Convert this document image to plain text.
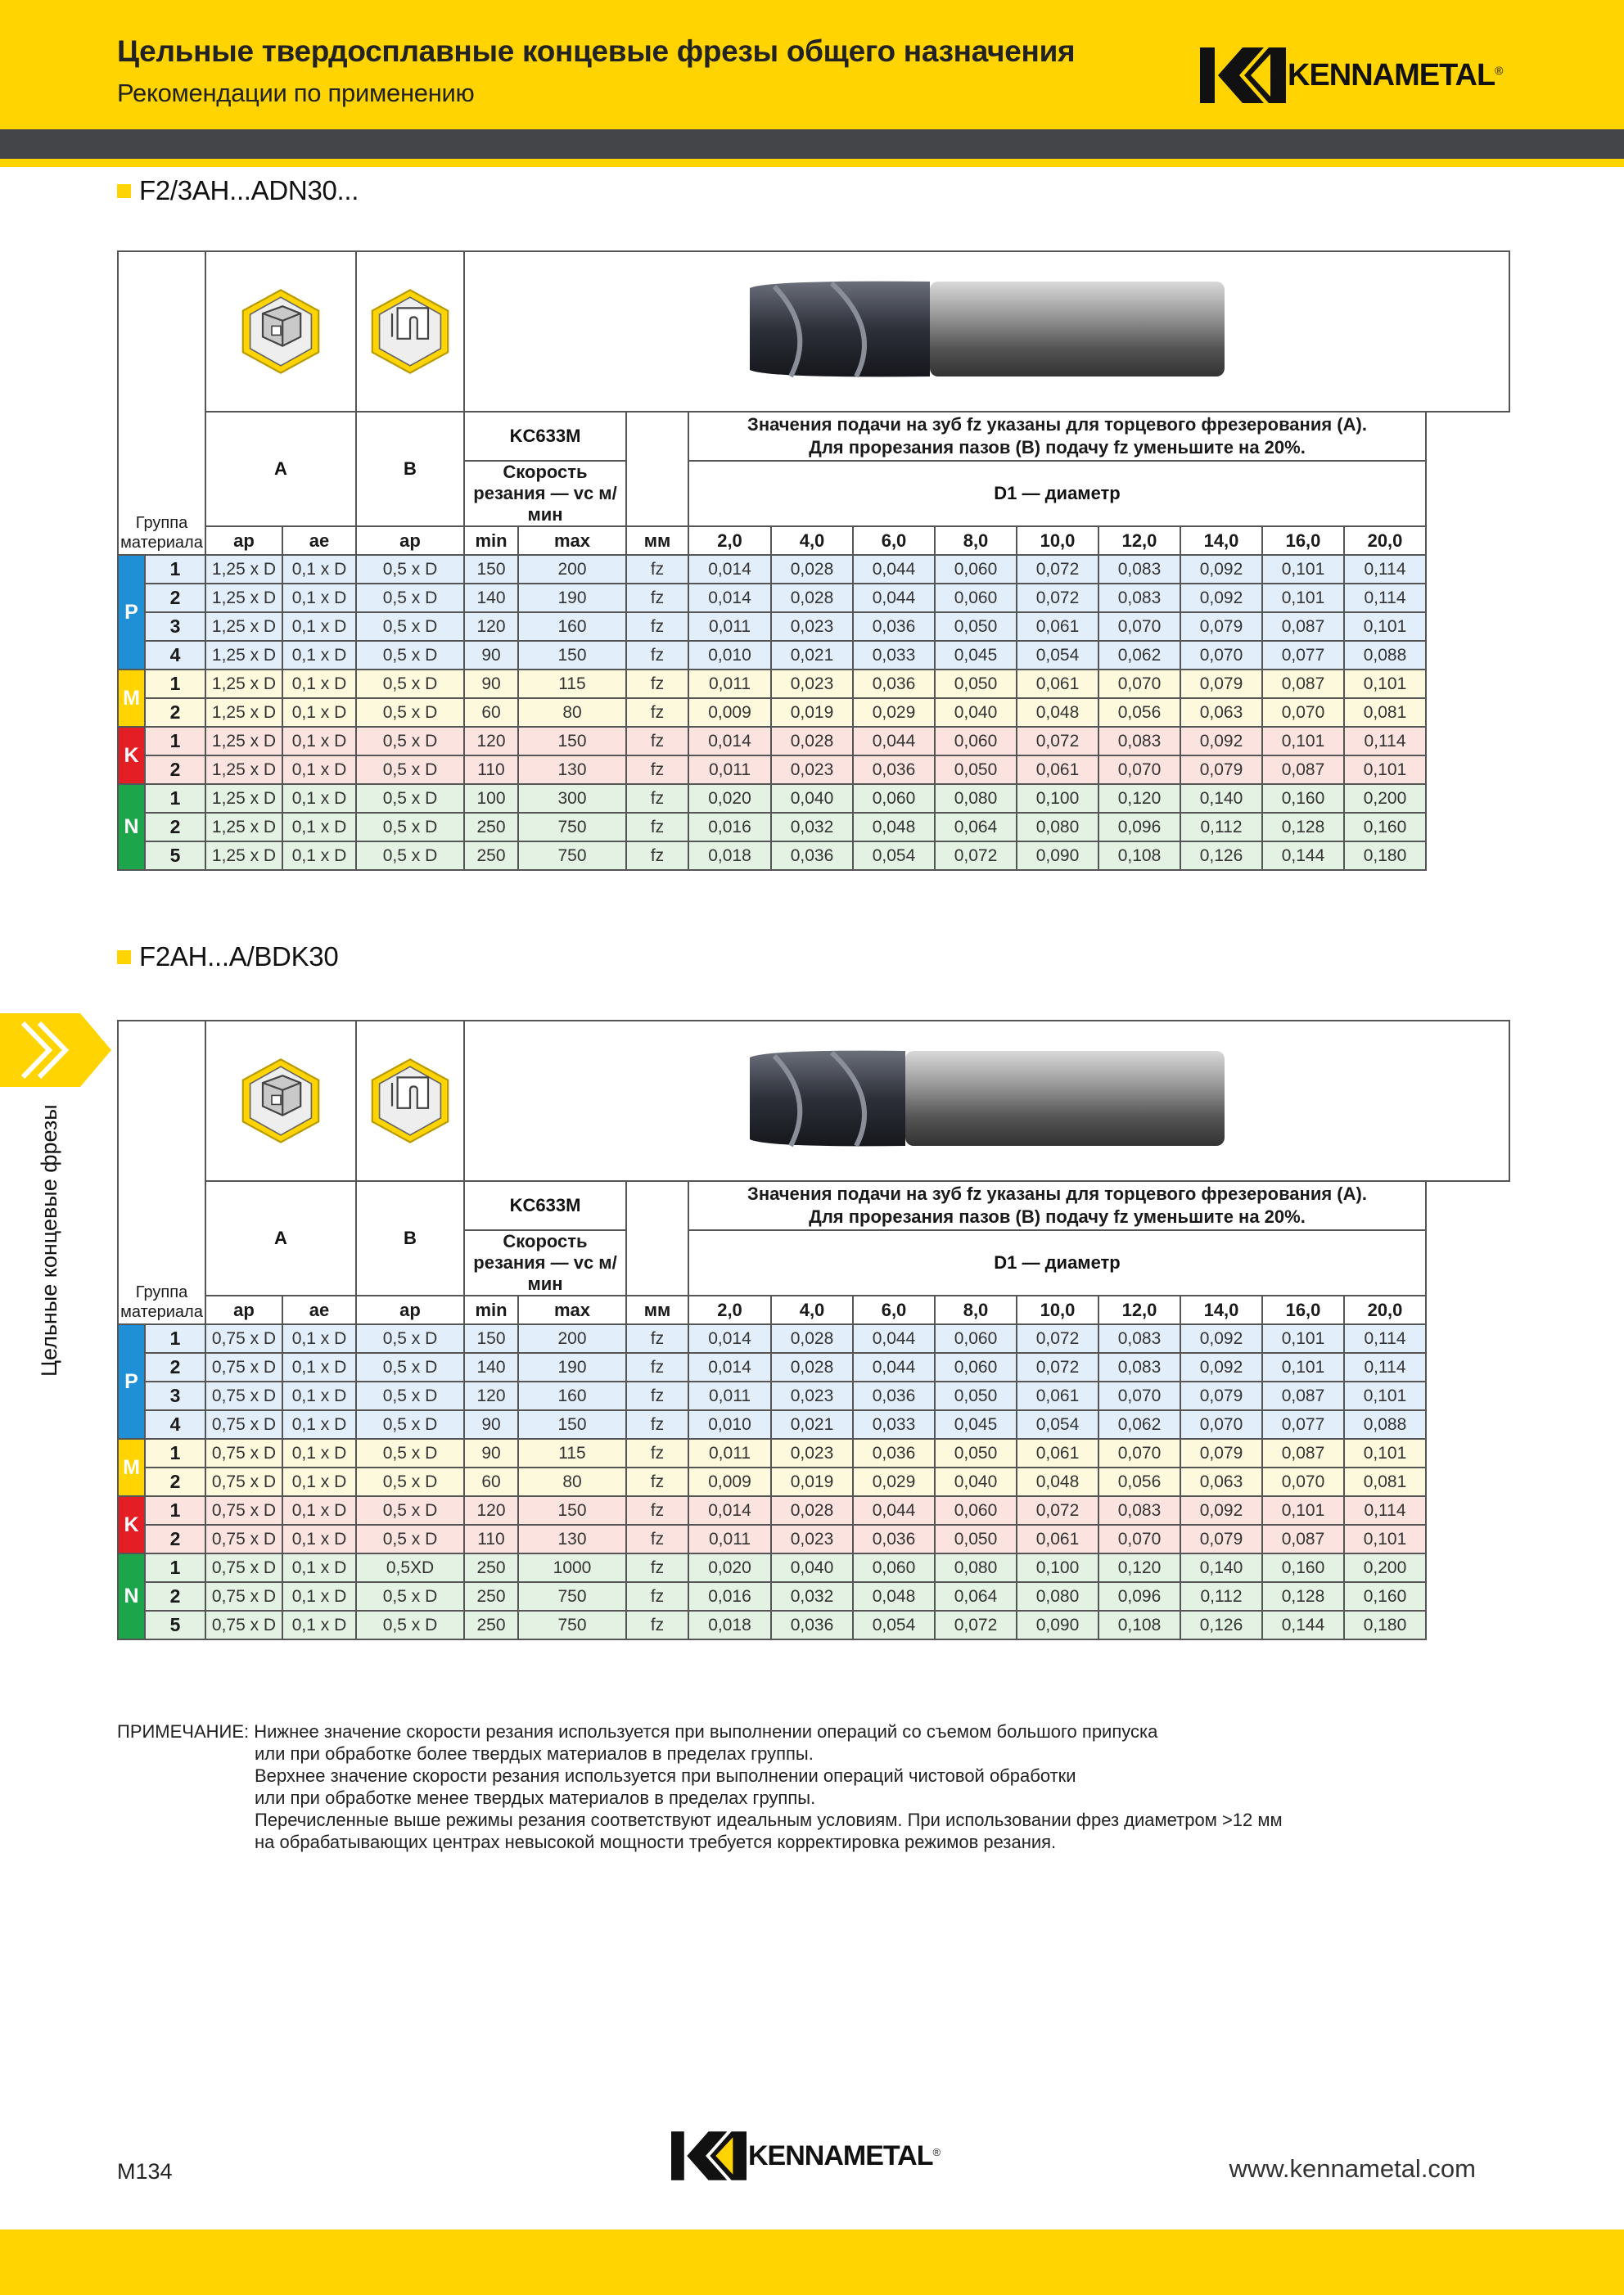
Цельные твердосплавные концевые фрезы общего назначения
Рекомендации по применению
KENNAMETAL ®
Цельные концевые фрезы
F2/3AH...ADN30...
Группа материала	

		A		B	KC633M			Значения подачи на зуб fz указаны для торцевого фрезерования (A).
Для прорезания пазов (B) подачу fz уменьшите на 20%.								
					Скорость резания — vc м/мин			D1 — диаметр								
		ap	ae	ap	min	max	мм	2,0	4,0	6,0	8,0	10,0	12,0	14,0	16,0	20,0

P	1	1,25 x D	0,1 x D	0,5 x D	150	200	fz	0,014	0,028	0,044	0,060	0,072	0,083	0,092	0,101	0,114
	2	1,25 x D	0,1 x D	0,5 x D	140	190	fz	0,014	0,028	0,044	0,060	0,072	0,083	0,092	0,101	0,114
	3	1,25 x D	0,1 x D	0,5 x D	120	160	fz	0,011	0,023	0,036	0,050	0,061	0,070	0,079	0,087	0,101
	4	1,25 x D	0,1 x D	0,5 x D	90	150	fz	0,010	0,021	0,033	0,045	0,054	0,062	0,070	0,077	0,088
M	1	1,25 x D	0,1 x D	0,5 x D	90	115	fz	0,011	0,023	0,036	0,050	0,061	0,070	0,079	0,087	0,101
	2	1,25 x D	0,1 x D	0,5 x D	60	80	fz	0,009	0,019	0,029	0,040	0,048	0,056	0,063	0,070	0,081
K	1	1,25 x D	0,1 x D	0,5 x D	120	150	fz	0,014	0,028	0,044	0,060	0,072	0,083	0,092	0,101	0,114
	2	1,25 x D	0,1 x D	0,5 x D	110	130	fz	0,011	0,023	0,036	0,050	0,061	0,070	0,079	0,087	0,101
N	1	1,25 x D	0,1 x D	0,5 x D	100	300	fz	0,020	0,040	0,060	0,080	0,100	0,120	0,140	0,160	0,200
	2	1,25 x D	0,1 x D	0,5 x D	250	750	fz	0,016	0,032	0,048	0,064	0,080	0,096	0,112	0,128	0,160
	5	1,25 x D	0,1 x D	0,5 x D	250	750	fz	0,018	0,036	0,054	0,072	0,090	0,108	0,126	0,144	0,180
F2AH...A/BDK30
Группа материала	

		A		B	KC633M			Значения подачи на зуб fz указаны для торцевого фрезерования (A).
Для прорезания пазов (B) подачу fz уменьшите на 20%.								
					Скорость резания — vc м/мин			D1 — диаметр								
		ap	ae	ap	min	max	мм	2,0	4,0	6,0	8,0	10,0	12,0	14,0	16,0	20,0

P	1	0,75 x D	0,1 x D	0,5 x D	150	200	fz	0,014	0,028	0,044	0,060	0,072	0,083	0,092	0,101	0,114
	2	0,75 x D	0,1 x D	0,5 x D	140	190	fz	0,014	0,028	0,044	0,060	0,072	0,083	0,092	0,101	0,114
	3	0,75 x D	0,1 x D	0,5 x D	120	160	fz	0,011	0,023	0,036	0,050	0,061	0,070	0,079	0,087	0,101
	4	0,75 x D	0,1 x D	0,5 x D	90	150	fz	0,010	0,021	0,033	0,045	0,054	0,062	0,070	0,077	0,088
M	1	0,75 x D	0,1 x D	0,5 x D	90	115	fz	0,011	0,023	0,036	0,050	0,061	0,070	0,079	0,087	0,101
	2	0,75 x D	0,1 x D	0,5 x D	60	80	fz	0,009	0,019	0,029	0,040	0,048	0,056	0,063	0,070	0,081
K	1	0,75 x D	0,1 x D	0,5 x D	120	150	fz	0,014	0,028	0,044	0,060	0,072	0,083	0,092	0,101	0,114
	2	0,75 x D	0,1 x D	0,5 x D	110	130	fz	0,011	0,023	0,036	0,050	0,061	0,070	0,079	0,087	0,101
N	1	0,75 x D	0,1 x D	0,5XD	250	1000	fz	0,020	0,040	0,060	0,080	0,100	0,120	0,140	0,160	0,200
	2	0,75 x D	0,1 x D	0,5 x D	250	750	fz	0,016	0,032	0,048	0,064	0,080	0,096	0,112	0,128	0,160
	5	0,75 x D	0,1 x D	0,5 x D	250	750	fz	0,018	0,036	0,054	0,072	0,090	0,108	0,126	0,144	0,180
ПРИМЕЧАНИЕ: Нижнее значение скорости резания используется при выполнении операций со съемом большого припуска
или при обработке более твердых материалов в пределах группы.
Верхнее значение скорости резания используется при выполнении операций чистовой обработки
или при обработке менее твердых материалов в пределах группы.
Перечисленные выше режимы резания соответствуют идеальным условиям. При использовании фрез диаметром >12 мм
на обрабатывающих центрах невысокой мощности требуется корректировка режимов резания.
M134
KENNAMETAL ®
www.kennametal.com
